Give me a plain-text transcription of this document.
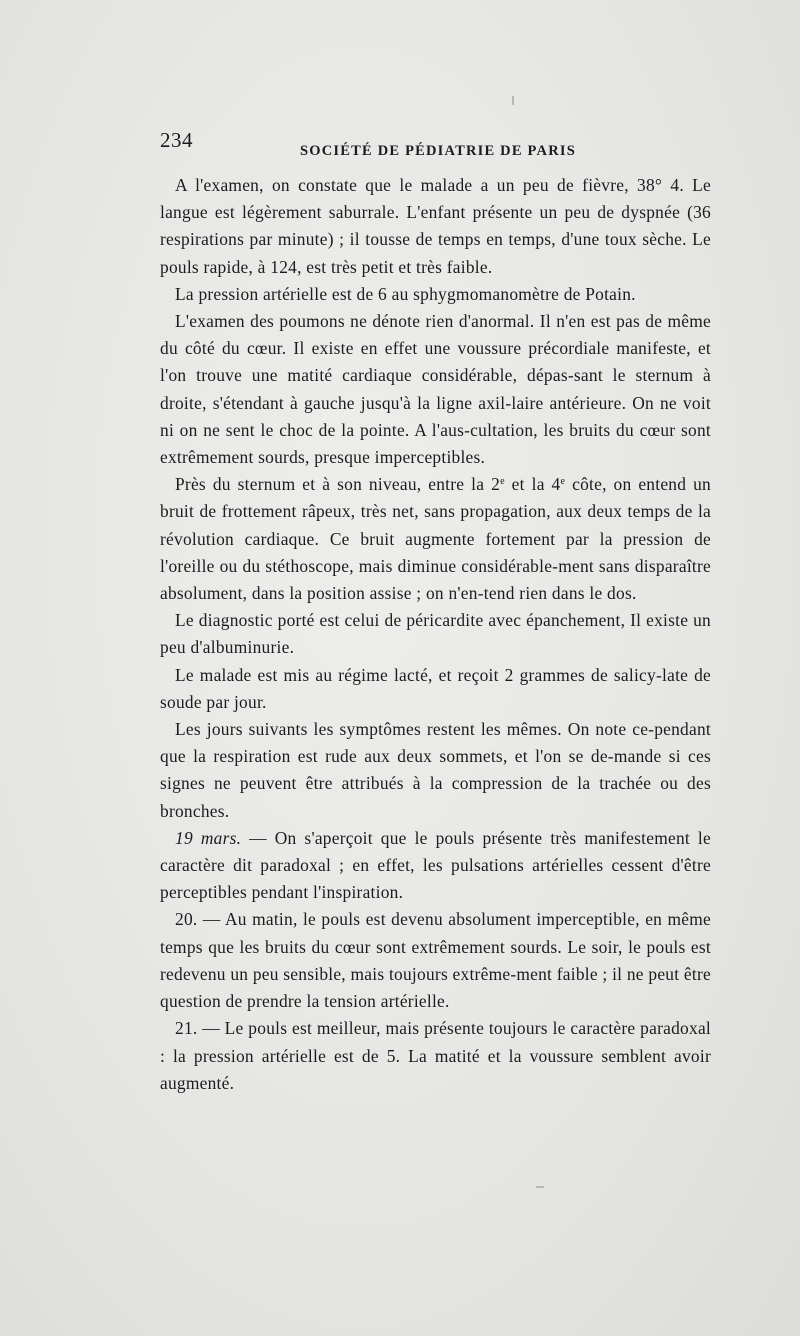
234	SOCIÉTÉ DE PÉDIATRIE DE PARIS

A l'examen, on constate que le malade a un peu de fièvre, 38° 4. Le langue est légèrement saburrale. L'enfant présente un peu de dyspnée (36 respirations par minute) ; il tousse de temps en temps, d'une toux sèche. Le pouls rapide, à 124, est très petit et très faible.

La pression artérielle est de 6 au sphygmomanomètre de Potain.

L'examen des poumons ne dénote rien d'anormal. Il n'en est pas de même du côté du cœur. Il existe en effet une voussure précordiale manifeste, et l'on trouve une matité cardiaque considérable, dépas-sant le sternum à droite, s'étendant à gauche jusqu'à la ligne axil-laire antérieure. On ne voit ni on ne sent le choc de la pointe. A l'aus-cultation, les bruits du cœur sont extrêmement sourds, presque imperceptibles.

Près du sternum et à son niveau, entre la 2e et la 4e côte, on entend un bruit de frottement râpeux, très net, sans propagation, aux deux temps de la révolution cardiaque. Ce bruit augmente fortement par la pression de l'oreille ou du stéthoscope, mais diminue considérable-ment sans disparaître absolument, dans la position assise ; on n'en-tend rien dans le dos.

Le diagnostic porté est celui de péricardite avec épanchement, Il existe un peu d'albuminurie.

Le malade est mis au régime lacté, et reçoit 2 grammes de salicy-late de soude par jour.

Les jours suivants les symptômes restent les mêmes. On note ce-pendant que la respiration est rude aux deux sommets, et l'on se de-mande si ces signes ne peuvent être attribués à la compression de la trachée ou des bronches.

19 mars. — On s'aperçoit que le pouls présente très manifestement le caractère dit paradoxal ; en effet, les pulsations artérielles cessent d'être perceptibles pendant l'inspiration.

20. — Au matin, le pouls est devenu absolument imperceptible, en même temps que les bruits du cœur sont extrêmement sourds. Le soir, le pouls est redevenu un peu sensible, mais toujours extrême-ment faible ; il ne peut être question de prendre la tension artérielle.

21. — Le pouls est meilleur, mais présente toujours le caractère paradoxal : la pression artérielle est de 5. La matité et la voussure semblent avoir augmenté.
